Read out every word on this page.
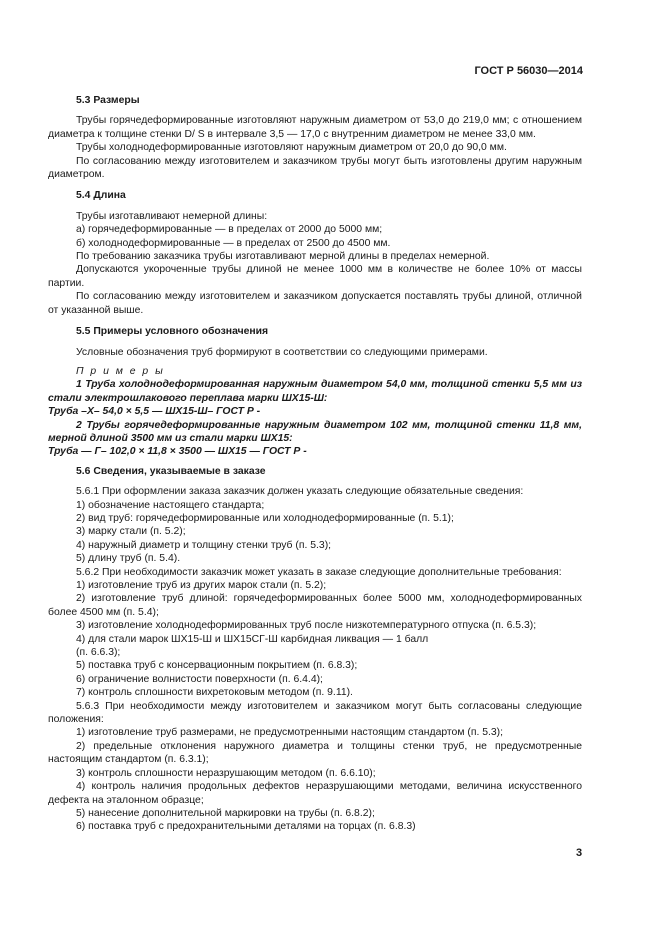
ГОСТ Р 56030—2014
5.3 Размеры
Трубы горячедеформированные изготовляют наружным диаметром от 53,0 до 219,0 мм; с отношением диаметра к толщине стенки D/ S в интервале 3,5 — 17,0 с внутренним диаметром не менее 33,0 мм.
Трубы холоднодеформированные изготовляют наружным диаметром от 20,0 до 90,0 мм.
По согласованию между изготовителем и заказчиком трубы могут быть изготовлены другим наружным диаметром.
5.4 Длина
Трубы изготавливают немерной длины:
а) горячедеформированные — в пределах от 2000 до 5000 мм;
б) холоднодеформированные — в пределах от 2500 до 4500 мм.
По требованию заказчика трубы изготавливают мерной длины в пределах немерной.
Допускаются укороченные трубы длиной не менее 1000 мм в количестве не более 10% от массы партии.
По согласованию между изготовителем и заказчиком допускается поставлять трубы длиной, отличной от указанной выше.
5.5 Примеры условного обозначения
Условные обозначения труб формируют в соответствии со следующими примерами.
П р и м е р ы
1 Труба холоднодеформированная наружным диаметром 54,0 мм, толщиной стенки 5,5 мм из стали электрошлакового переплава марки ШХ15-Ш:
Труба –Х– 54,0 × 5,5 — ШХ15-Ш– ГОСТ Р -
2 Трубы горячедеформированные наружным диаметром 102 мм, толщиной стенки 11,8 мм, мерной длиной 3500 мм из стали марки ШХ15:
Труба — Г– 102,0 × 11,8 × 3500 — ШХ15 — ГОСТ Р -
5.6 Сведения, указываемые в заказе
5.6.1 При оформлении заказа заказчик должен указать следующие обязательные сведения:
1) обозначение настоящего стандарта;
2) вид труб: горячедеформированные или холоднодеформированные (п. 5.1);
3) марку стали (п. 5.2);
4) наружный диаметр и толщину стенки труб (п. 5.3);
5) длину труб (п. 5.4).
5.6.2 При необходимости заказчик может указать в заказе следующие дополнительные требования:
1) изготовление труб из других марок стали (п. 5.2);
2) изготовление труб длиной: горячедеформированных более 5000 мм, холоднодеформированных более 4500 мм (п. 5.4);
3) изготовление холоднодеформированных труб после низкотемпературного отпуска (п. 6.5.3);
4) для стали марок ШХ15-Ш и ШХ15СГ-Ш карбидная ликвация — 1 балл
(п. 6.6.3);
5) поставка труб с консервационным покрытием (п. 6.8.3);
6) ограничение волнистости поверхности (п. 6.4.4);
7) контроль сплошности вихретоковым методом (п. 9.11).
5.6.3 При необходимости между изготовителем и заказчиком могут быть согласованы следующие положения:
1) изготовление труб размерами, не предусмотренными настоящим стандартом (п. 5.3);
2) предельные отклонения наружного диаметра и толщины стенки труб, не предусмотренные настоящим стандартом (п. 6.3.1);
3) контроль сплошности неразрушающим методом (п. 6.6.10);
4) контроль наличия продольных дефектов неразрушающими методами, величина искусственного дефекта на эталонном образце;
5) нанесение дополнительной маркировки на трубы (п. 6.8.2);
6) поставка труб с предохранительными деталями на торцах (п. 6.8.3)
3
